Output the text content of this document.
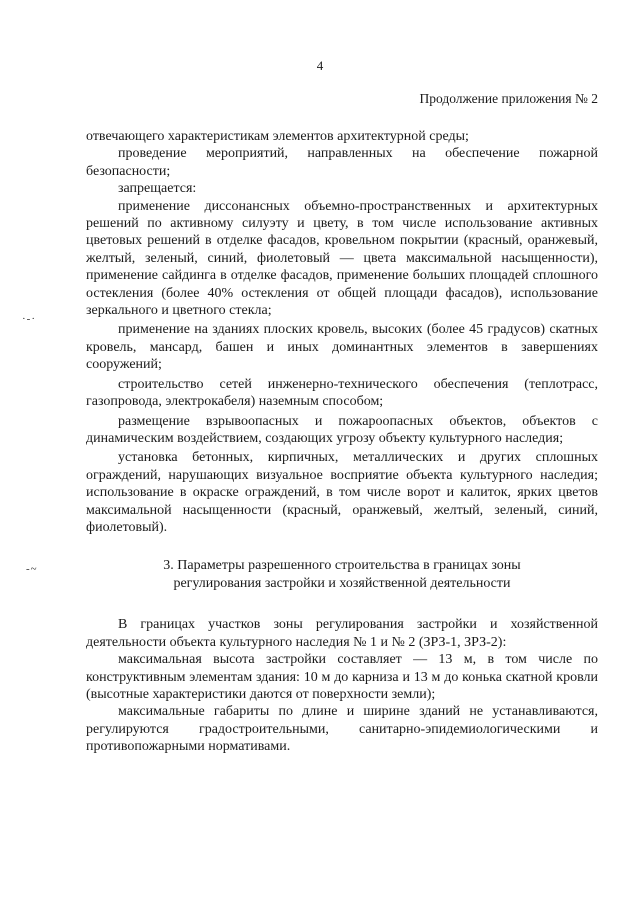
4
Продолжение приложения № 2
·-·
-~

отвечающего характеристикам элементов архитектурной среды;

проведение мероприятий, направленных на обеспечение пожарной безопасности;

запрещается:

применение диссонансных объемно-пространственных и архитектурных решений по активному силуэту и цвету, в том числе использование активных цветовых решений в отделке фасадов, кровельном покрытии (красный, оранжевый, желтый, зеленый, синий, фиолетовый — цвета максимальной насыщенности), применение сайдинга в отделке фасадов, применение больших площадей сплошного остекления (более 40% остекления от общей площади фасадов), использование зеркального и цветного стекла;

применение на зданиях плоских кровель, высоких (более 45 градусов) скатных кровель, мансард, башен и иных доминантных элементов в завершениях сооружений;

строительство сетей инженерно-технического обеспечения (теплотрасс, газопровода, электрокабеля) наземным способом;

размещение взрывоопасных и пожароопасных объектов, объектов с динамическим воздействием, создающих угрозу объекту культурного наследия;

установка бетонных, кирпичных, металлических и других сплошных ограждений, нарушающих визуальное восприятие объекта культурного наследия; использование в окраске ограждений, в том числе ворот и калиток, ярких цветов максимальной насыщенности (красный, оранжевый, желтый, зеленый, синий, фиолетовый).

3. Параметры разрешенного строительства в границах зоны
регулирования застройки и хозяйственной деятельности

В границах участков зоны регулирования застройки и хозяйственной деятельности объекта культурного наследия № 1 и № 2 (ЗРЗ-1, ЗРЗ-2):

максимальная высота застройки составляет — 13 м, в том числе по конструктивным элементам здания: 10 м до карниза и 13 м до конька скатной кровли (высотные характеристики даются от поверхности земли);

максимальные габариты по длине и ширине зданий не устанавливаются, регулируются градостроительными, санитарно-эпидемиологическими и противопожарными нормативами.
